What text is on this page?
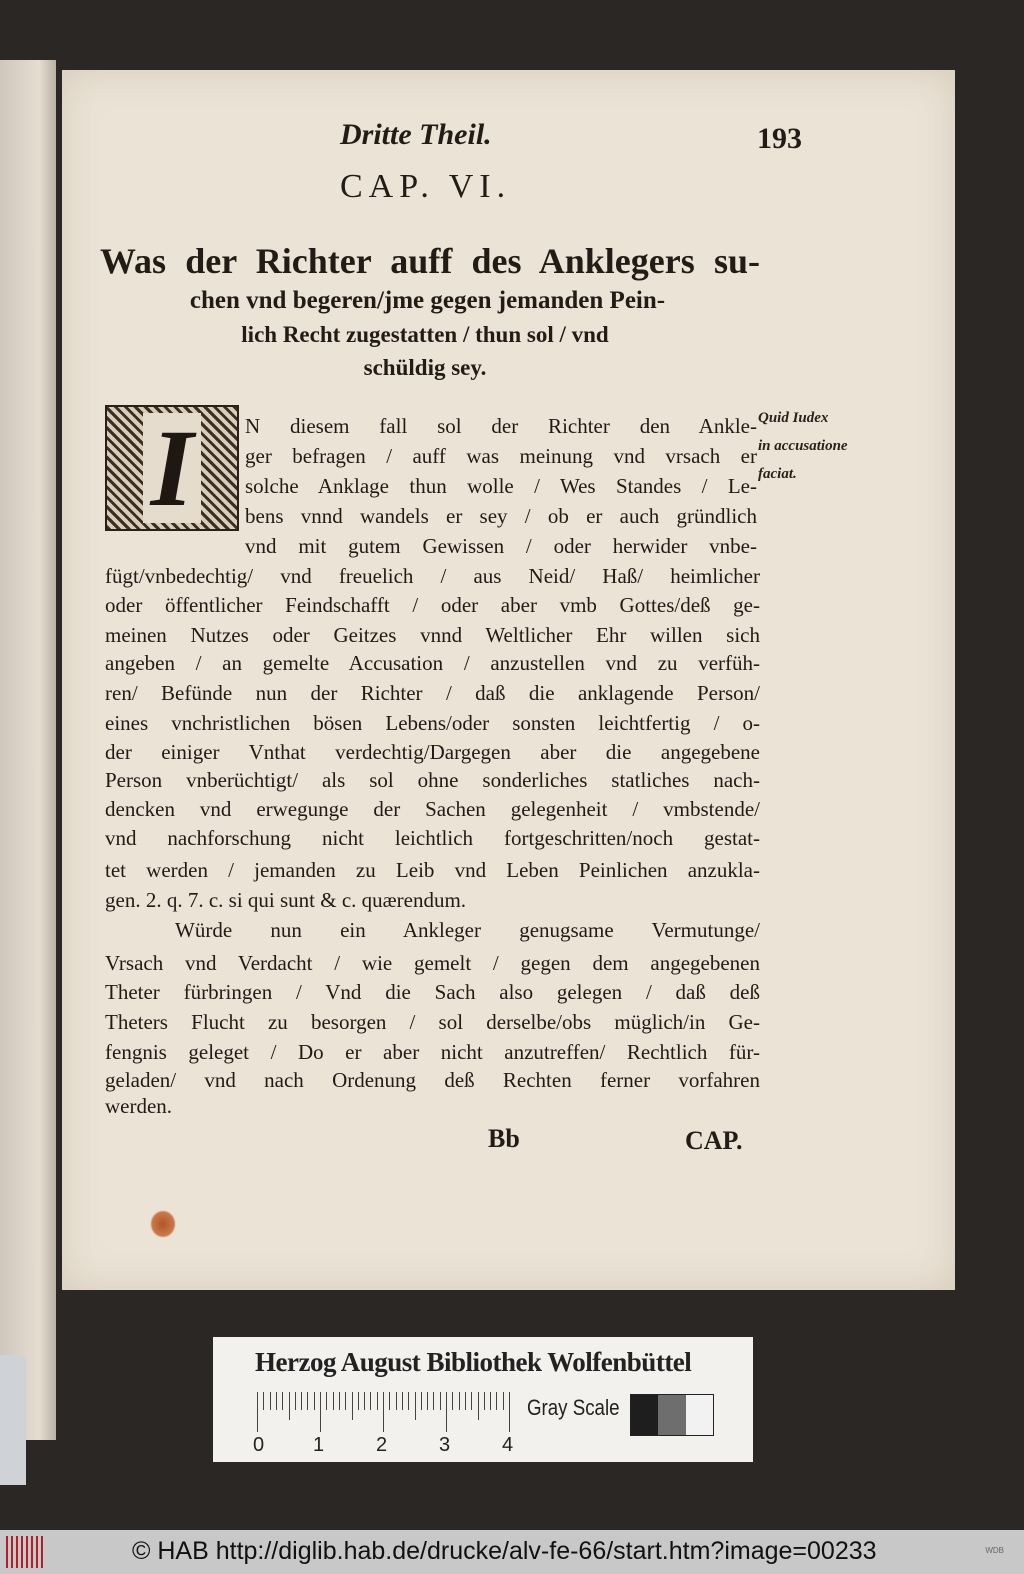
Dritte Theil.	193
CAP. VI.
Was der Richter auff des Anklegers su-
chen vnd begeren/jme gegen jemanden Pein-
lich Recht zugestatten / thun sol / vnd
schüldig sey.
I	N diesem fall sol der Richter den Ankle-
ger befragen / auff was meinung vnd vrsach er
solche Anklage thun wolle / Wes Standes / Le-
bens vnnd wandels er sey / ob er auch gründlich
vnd mit gutem Gewissen / oder herwider vnbe-
fügt/vnbedechtig/ vnd freuelich / aus Neid/ Haß/ heimlicher
oder öffentlicher Feindschafft / oder aber vmb Gottes/deß ge-
meinen Nutzes oder Geitzes vnnd Weltlicher Ehr willen sich
angeben / an gemelte Accusation / anzustellen vnd zu verfüh-
ren/ Befünde nun der Richter / daß die anklagende Person/
eines vnchristlichen bösen Lebens/oder sonsten leichtfertig / o-
der einiger Vnthat verdechtig/Dargegen aber die angegebene
Person vnberüchtigt/ als sol ohne sonderliches statliches nach-
dencken vnd erwegunge der Sachen gelegenheit / vmbstende/
vnd nachforschung nicht leichtlich fortgeschritten/noch gestat-
tet werden / jemanden zu Leib vnd Leben Peinlichen anzukla-
gen. 2. q. 7. c. si qui sunt & c. quærendum.
Würde nun ein Ankleger genugsame Vermutunge/
Vrsach vnd Verdacht / wie gemelt / gegen dem angegebenen
Theter fürbringen / Vnd die Sach also gelegen / daß deß
Theters Flucht zu besorgen / sol derselbe/obs müglich/in Ge-
fengnis geleget / Do er aber nicht anzutreffen/ Rechtlich für-
geladen/ vnd nach Ordenung deß Rechten ferner vorfahren
werden.
Quid Iudex
in accusatione
faciat.
Bb	CAP.
Herzog August Bibliothek Wolfenbüttel
0 1	2	3	4
Gray Scale
© HAB http://diglib.hab.de/drucke/alv-fe-66/start.htm?image=00233	WDB
